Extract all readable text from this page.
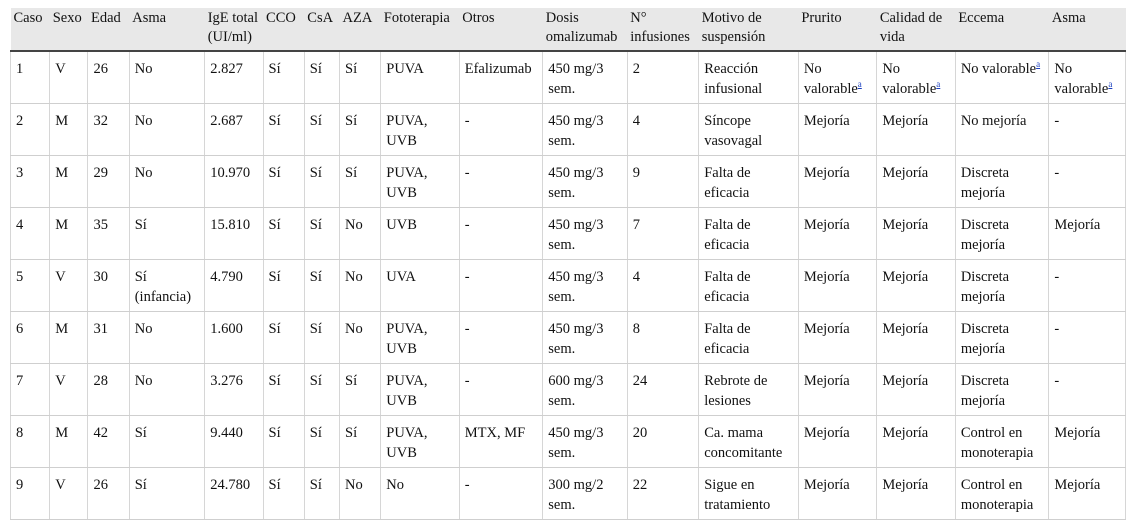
Caso	Sexo	Edad	Asma	IgE total (UI/ml)	CCO	CsA	AZA	Fototerapia	Otros	Dosis omalizumab	N° infusiones	Motivo de suspensión	Prurito	Calidad de vida	Eccema	Asma
1	V	26	No	2.827	Sí	Sí	Sí	PUVA	Efalizumab	450 mg/3 sem.	2	Reacción infusional	No valorable$^a$	No valorable$^a$	No valorable$^a$	No valorable$^a$
2	M	32	No	2.687	Sí	Sí	Sí	PUVA, UVB	-	450 mg/3 sem.	4	Síncope vasovagal	Mejoría	Mejoría	No mejoría	-
3	M	29	No	10.970	Sí	Sí	Sí	PUVA, UVB	-	450 mg/3 sem.	9	Falta de eficacia	Mejoría	Mejoría	Discreta mejoría	-
4	M	35	Sí	15.810	Sí	Sí	No	UVB	-	450 mg/3 sem.	7	Falta de eficacia	Mejoría	Mejoría	Discreta mejoría	Mejoría
5	V	30	Sí (infancia)	4.790	Sí	Sí	No	UVA	-	450 mg/3 sem.	4	Falta de eficacia	Mejoría	Mejoría	Discreta mejoría	-
6	M	31	No	1.600	Sí	Sí	No	PUVA, UVB	-	450 mg/3 sem.	8	Falta de eficacia	Mejoría	Mejoría	Discreta mejoría	-
7	V	28	No	3.276	Sí	Sí	Sí	PUVA, UVB	-	600 mg/3 sem.	24	Rebrote de lesiones	Mejoría	Mejoría	Discreta mejoría	-
8	M	42	Sí	9.440	Sí	Sí	Sí	PUVA, UVB	MTX, MF	450 mg/3 sem.	20	Ca. mama concomitante	Mejoría	Mejoría	Control en monoterapia	Mejoría
9	V	26	Sí	24.780	Sí	Sí	No	No	-	300 mg/2 sem.	22	Sigue en tratamiento	Mejoría	Mejoría	Control en monoterapia	Mejoría
